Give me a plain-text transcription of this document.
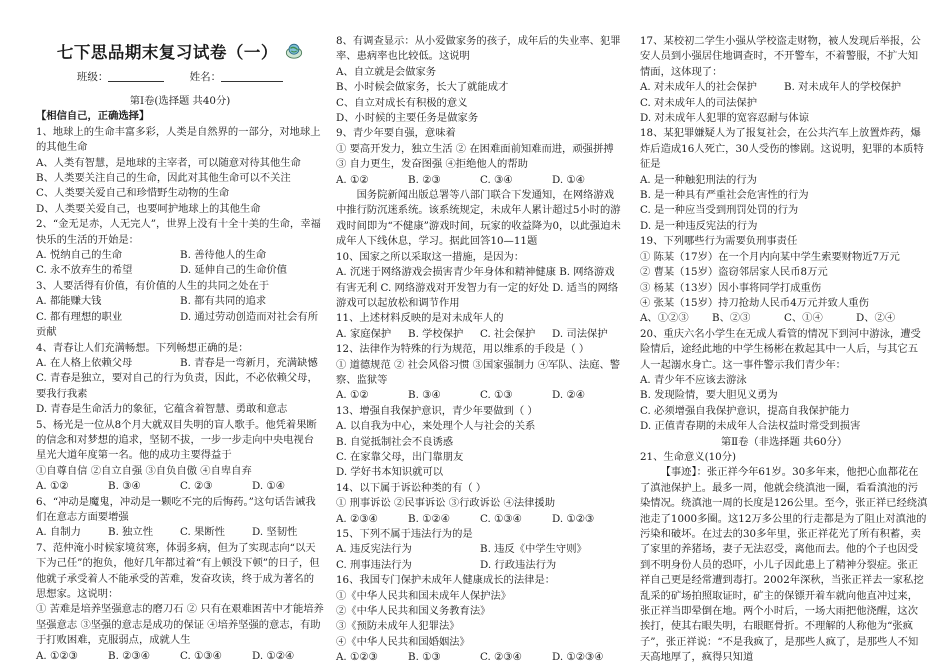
七下思品期末复习试卷（一）
班级：	姓名：

第Ⅰ卷(选择题 共40分)

【相信自己，正确选择】

1、地球上的生命丰富多彩，人类是自然界的一部分，对地球上的其他生命

A、人类有智慧，是地球的主宰者，可以随意对待其他生命

B、人类要关注自己的生命，因此对其他生命可以不关注

C、人类要关爱自己和珍惜野生动物的生命

D、人类要关爱自己，也要呵护地球上的其他生命

2、“金无足赤，人无完人”，世界上没有十全十美的生命，幸福快乐的生活的开始是：

A. 悦纳自己的生命	B. 善待他人的生命
C. 永不放弃生的希望	D. 延伸自己的生命价值

3、人要活得有价值，有价值的人生的共同之处在于

A. 都能赚大钱	B. 都有共同的追求
C. 都有理想的职业	D. 通过劳动创造而对社会有所

贡献

4、青春让人们充满畅想。下列畅想正确的是：

A. 在人格上依赖父母	B. 青春是一弯新月，充满缺憾

C. 青春是独立，要对自己的行为负责，因此，不必依赖父母，要我行我素

D. 青春是生命活力的象征，它蕴含着智慧、勇敢和意志

5、杨光是一位从8个月大就双目失明的盲人歌手。他凭着果断的信念和对梦想的追求，坚韧不拔，一步一步走向中央电视台星光大道年度第一名。他的成功主要得益于

①自尊自信 ②自立自强 ③自负自傲 ④自卑自弃

A. ①②	B. ③④	C. ②③	D. ①④

6、“冲动是魔鬼，冲动是一颗吃不完的后悔药。”这句话告诫我们在意志方面要增强

A. 自制力	B. 独立性	C. 果断性	D. 坚韧性

7、范仲淹小时候家境贫寒，体弱多病，但为了实现志向“以天下为己任”的抱负，他好几年都过着“有上顿没下顿”的日子，但他就子承受着人不能承受的苦难，发奋攻读，终于成为著名的思想家。这说明：

① 苦难是培养坚强意志的磨刀石 ② 只有在艰难困苦中才能培养坚强意志 ③坚强的意志是成功的保证 ④培养坚强的意志，有助于打败困难，克服弱点，成就人生

A. ①②③	B. ②③④	C. ①③④	D. ①②④

8、有调查显示：从小爱做家务的孩子，成年后的失业率、犯罪率、患病率也比较低。这说明

A、自立就是会做家务

B、小时候会做家务，长大了就能成才

C、自立对成长有积极的意义

D、小时候的主要任务是做家务

9、青少年要自强，意味着

① 要高开发力，独立生活 ② 在困难面前知难而进，顽强拼搏 ③ 自力更生，发奋图强 ④拒绝他人的帮助

A. ①②	B. ②③	C. ③④	D. ①④

国务院新闻出版总署等八部门联合下发通知，在网络游戏中推行防沉迷系统。该系统规定，未成年人累计超过5小时的游戏时间即为“不健康”游戏时间，玩家的收益降为0，以此强迫未成年人下线休息，学习。据此回答10—11题

10、国家之所以采取这一措施，是因为：

A. 沉迷于网络游戏会损害青少年身体和精神健康 B. 网络游戏有害无利 C. 网络游戏对开发智力有一定的好处 D. 适当的网络游戏可以起放松和调节作用

11、上述材料反映的是对未成年人的

A. 家庭保护	B. 学校保护	C. 社会保护	D. 司法保护

12、法律作为特殊的行为规范，用以维系的手段是（ ）

① 道德规范 ② 社会风俗习惯 ③国家强制力 ④军队、法庭、警察、监狱等

A. ①②	B. ③④	C. ①③	D. ②④

13、增强自我保护意识，青少年要做到（ ）

A. 以自我为中心，来处理个人与社会的关系

B. 自觉抵制社会不良诱惑

C. 在家靠父母，出门靠朋友

D. 学好书本知识就可以

14、以下属于诉讼种类的有（ ）

① 刑事诉讼 ②民事诉讼 ③行政诉讼 ④法律援助

A. ②③④	B. ①②④	C. ①③④	D. ①②③

15、下列不属于违法行为的是

A. 违反宪法行为	B. 违反《中学生守则》
C. 刑事违法行为	D. 行政违法行为

16、我国专门保护未成年人健康成长的法律是：

①《中华人民共和国未成年人保护法》

②《中华人民共和国义务教育法》

③《预防未成年人犯罪法》

④《中华人民共和国婚姻法》

A. ①②③	B. ①③	C. ②③④	D. ①②③④

17、某校初二学生小强从学校盗走财物，被人发现后举报，公安人员到小强居住地调查时，不开警车，不着警服，不扩大知情面，这体现了：

A. 对未成年人的社会保护	B. 对未成年人的学校保护

C. 对未成年人的司法保护

D. 对未成年人犯罪的宽容忍耐与体谅

18、某犯罪嫌疑人为了报复社会，在公共汽车上放置炸药，爆炸后造成16人死亡，30人受伤的惨剧。这说明，犯罪的本质特征是

A. 是一种触犯刑法的行为

B. 是一种具有严重社会危害性的行为

C. 是一种应当受到刑罚处罚的行为

D. 是一种违反宪法的行为

19、下列哪些行为需要负刑事责任

① 陈某（17岁）在一个月内向某中学生索要财物近7万元

② 曹某（15岁）盗窃邻居家人民币8万元

③ 杨某（13岁）因小事将同学打成重伤

④ 张某（15岁）持刀抢劫人民币4万元并致人重伤

A、①②③	B、②③	C、①④	D、②④

20、重庆六名小学生在无成人看管的情况下到河中游泳，遭受险情后，途经此地的中学生杨彬在救起其中一人后，与其它五人一起溺水身亡。这一事件警示我们青少年：

A. 青少年不应该去游泳

B. 发现险情，要大胆见义勇为

C. 必须增强自我保护意识，提高自我保护能力

D. 正值青春期的未成年人合法权益时常受到损害

第Ⅱ卷（非选择题 共60分）

21、生命意义(10分)

【事迹】：张正祥今年61岁。30多年来，他把心血都花在了滇池保护上。最多一周，他就会绕滇池一圈，看看滇池的污染情况。绕滇池一周的长度是126公里。至今，张正祥已经绕滇池走了1000多圈。这12万多公里的行走都是为了阻止对滇池的污染和破坏。在过去的30多年里，张正祥花光了所有积蓄，卖了家里的养猪场，妻子无法忍受，离他而去。他的个子也因受到不明身份人员的恐吓，小儿子因此患上了精神分裂症。张正祥自己更是经常遭到毒打。2002年深秋，当张正祥去一家私挖乱采的矿场拍照取证时，矿主的保镖开着车就向他直冲过来，张正祥当即晕倒在地。两个小时后，一场大雨把他浇醒，这次挨打，使其右眼失明，右眼眶骨折。不理解的人称他为“张疯子”，张正祥说：“不是我疯了，是那些人疯了，是那些人不知天高地厚了，疯得只知道
